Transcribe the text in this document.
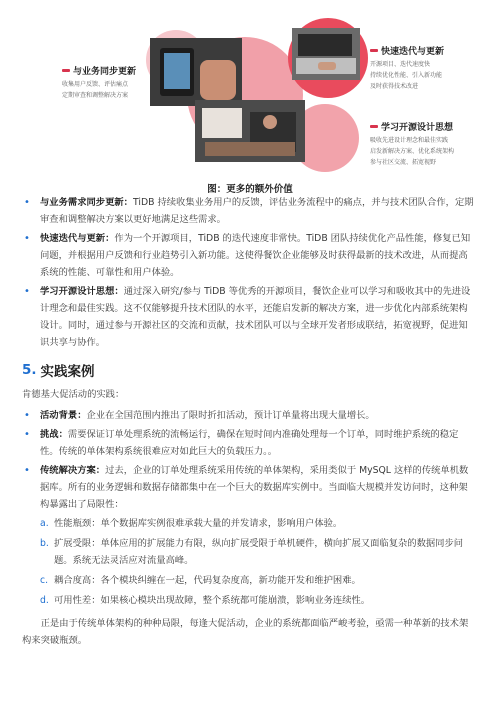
与业务同步更新
收集用户反馈、评估痛点
定期审查和调整解决方案
快速迭代与更新
开源项目、迭代速度快
持续优化性能、引入新功能
及时获得技术改进
学习开源设计思想
吸收先进设计理念和最佳实践
启发新解决方案、优化系统架构
参与社区交流、拓宽视野
图：更多的额外价值
•	与业务需求同步更新：TiDB 持续收集业务用户的反馈，评估业务流程中的痛点，并与技术团队合作，定期审查和调整解决方案以更好地满足这些需求。
•	快速迭代与更新：作为一个开源项目，TiDB 的迭代速度非常快。TiDB 团队持续优化产品性能，修复已知问题，并根据用户反馈和行业趋势引入新功能。这使得餐饮企业能够及时获得最新的技术改进，从而提高系统的性能、可靠性和用户体验。
•	学习开源设计思想：通过深入研究/参与 TiDB 等优秀的开源项目，餐饮企业可以学习和吸收其中的先进设计理念和最佳实践。这不仅能够提升技术团队的水平，还能启发新的解决方案，进一步优化内部系统架构设计。同时，通过参与开源社区的交流和贡献，技术团队可以与全球开发者形成联结，拓宽视野，促进知识共享与协作。
5. 实践案例
肯德基大促活动的实践：
•	活动背景：企业在全国范围内推出了限时折扣活动，预计订单量将出现大量增长。
•	挑战：需要保证订单处理系统的流畅运行，确保在短时间内准确处理每一个订单，同时维护系统的稳定性。传统的单体架构系统很难应对如此巨大的负载压力。。
•	传统解决方案：过去，企业的订单处理系统采用传统的单体架构，采用类似于 MySQL 这样的传统单机数据库。所有的业务逻辑和数据存储都集中在一个巨大的数据库实例中。当面临大规模并发访问时，这种架构暴露出了局限性：
a. 性能瓶颈：单个数据库实例很难承载大量的并发请求，影响用户体验。
b. 扩展受限：单体应用的扩展能力有限，纵向扩展受限于单机硬件，横向扩展又面临复杂的数据同步问题。系统无法灵活应对流量高峰。
c. 耦合度高：各个模块纠缠在一起，代码复杂度高，新功能开发和维护困难。
d. 可用性差：如果核心模块出现故障，整个系统都可能崩溃，影响业务连续性。
正是由于传统单体架构的种种局限，每逢大促活动，企业的系统都面临严峻考验，亟需一种革新的技术架构来突破瓶颈。
